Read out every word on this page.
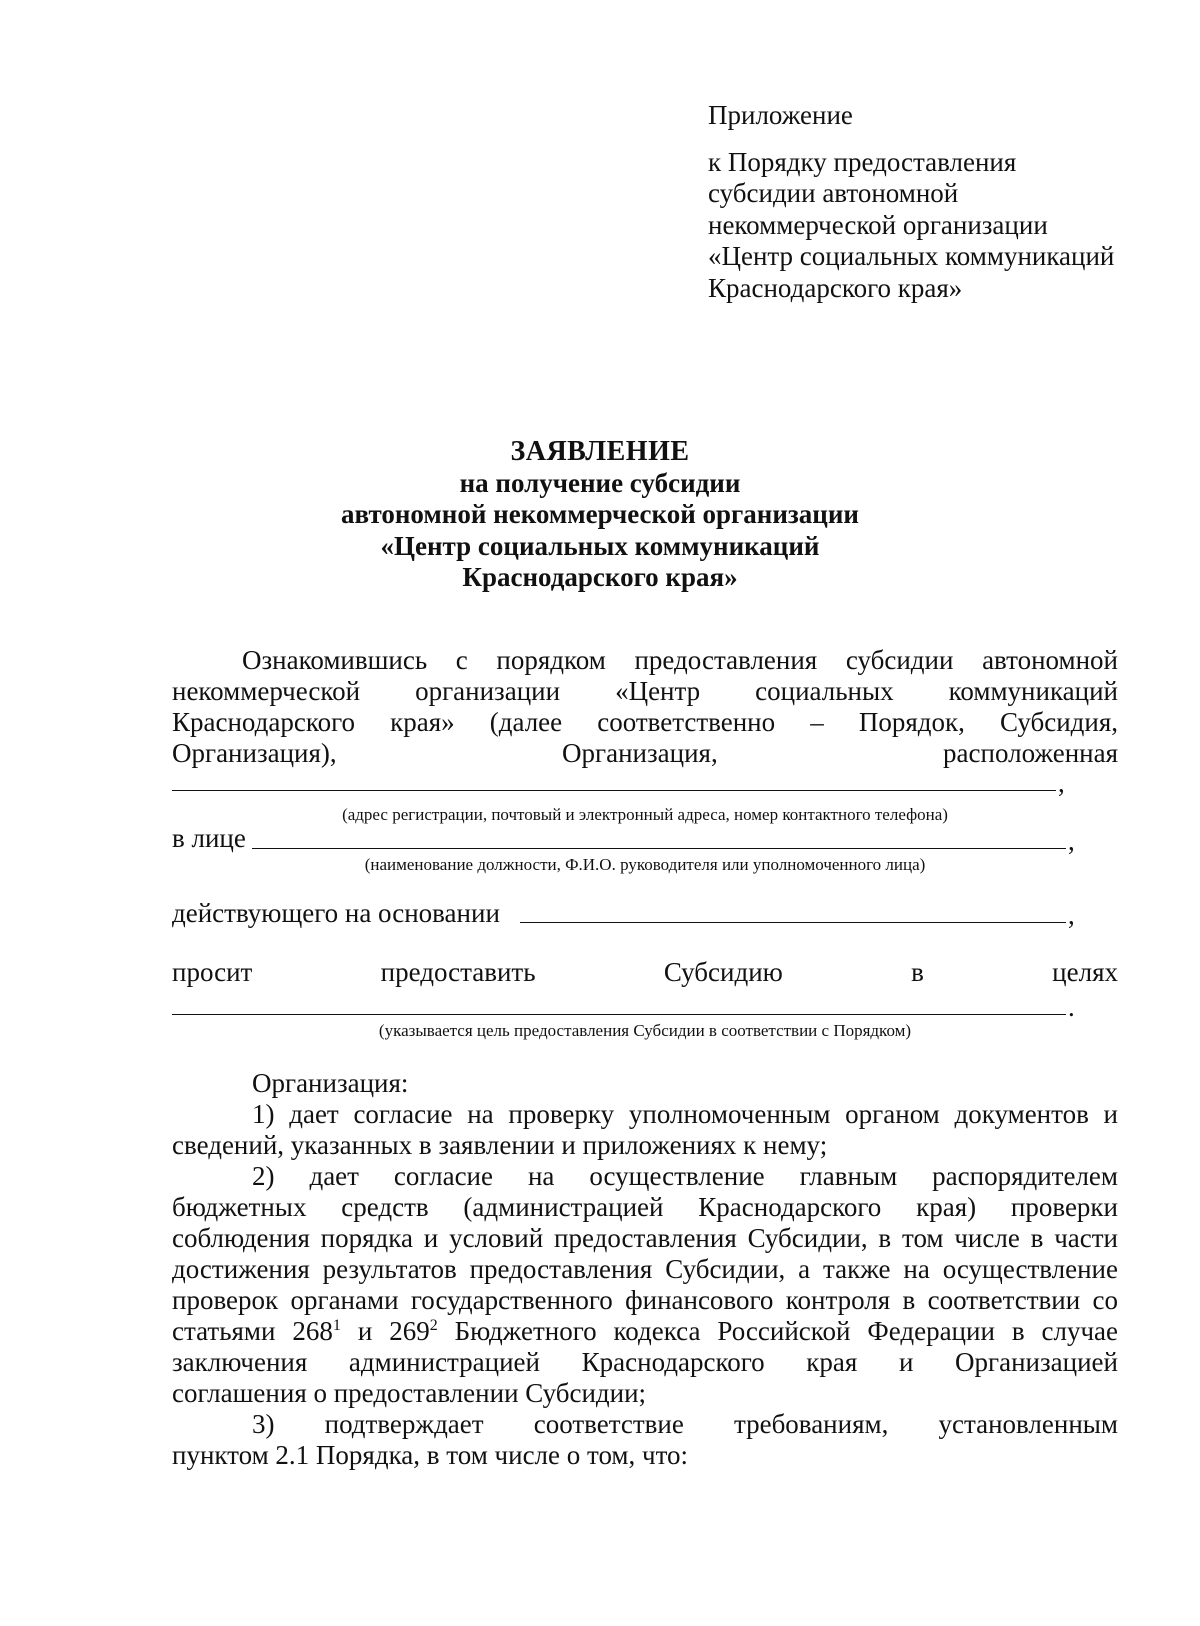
Приложение
к Порядку предоставления
субсидии автономной
некоммерческой организации
«Центр социальных коммуникаций
Краснодарского края»
ЗАЯВЛЕНИЕ
на получение субсидии
автономной некоммерческой организации
«Центр социальных коммуникаций
Краснодарского края»
Ознакомившись с порядком предоставления субсидии автономной
некоммерческой организации «Центр социальных коммуникаций
Краснодарского края» (далее соответственно – Порядок, Субсидия,
Организация), Организация, расположенная
,
(адрес регистрации, почтовый и электронный адреса, номер контактного телефона)
в лице	,
(наименование должности, Ф.И.О. руководителя или уполномоченного лица)
действующего на основании	,
просит	предоставить	Субсидию	в	целях
.
(указывается цель предоставления Субсидии в соответствии с Порядком)
Организация:
1) дает согласие на проверку уполномоченным органом документов и
сведений, указанных в заявлении и приложениях к нему;
2) дает согласие на осуществление главным распорядителем
бюджетных средств (администрацией Краснодарского края) проверки
соблюдения порядка и условий предоставления Субсидии, в том числе в части
достижения результатов предоставления Субсидии, а также на осуществление
проверок органами государственного финансового контроля в соответствии со
статьями $268^1$ и $269^2$ Бюджетного кодекса Российской Федерации в случае
заключения администрацией Краснодарского края и Организацией
соглашения о предоставлении Субсидии;
3) подтверждает соответствие требованиям, установленным
пунктом 2.1 Порядка, в том числе о том, что:
